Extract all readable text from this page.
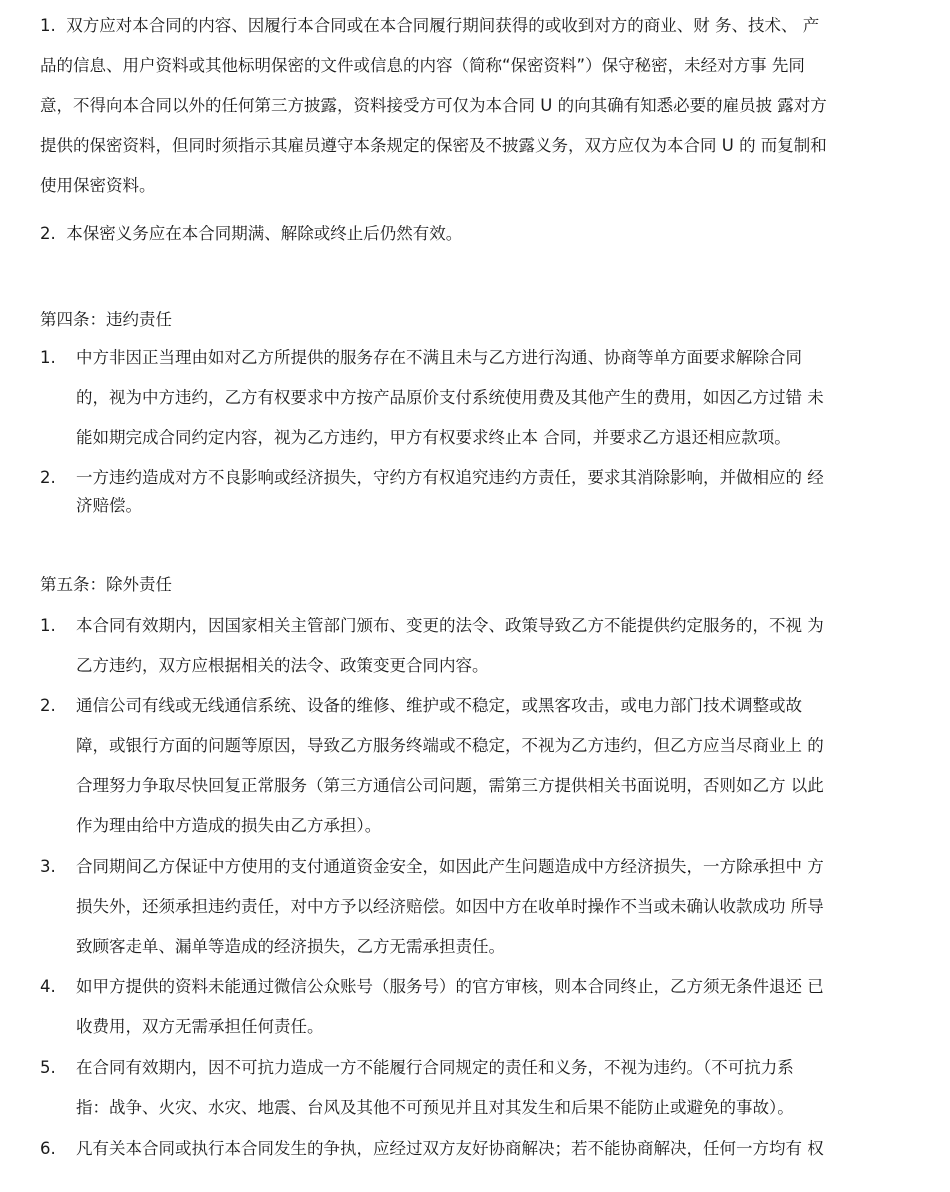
1. 双方应对本合同的内容、因履行本合同或在本合同履行期间获得的或收到对方的商业、财 务、技术、 产

品的信息、用户资料或其他标明保密的文件或信息的内容（简称“保密资料”）保守秘密，未经对方事 先同

意，不得向本合同以外的任何第三方披露，资料接受方可仅为本合同 U 的向其确有知悉必要的雇员披 露对方

提供的保密资料，但同时须指示其雇员遵守本条规定的保密及不披露义务，双方应仅为本合同 U 的 而复制和

使用保密资料。

2. 本保密义务应在本合同期满、解除或终止后仍然有效。

第四条：违约责任
1.	中方非因正当理由如对乙方所提供的服务存在不满且未与乙方进行沟通、协商等单方面要求解除合同
的，视为中方违约，乙方有权要求中方按产品原价支付系统使用费及其他产生的费用，如因乙方过错 未
能如期完成合同约定内容，视为乙方违约，甲方有权要求终止本 合同，并要求乙方退还相应款项。
2.	一方违约造成对方不良影响或经济损失，守约方有权追究违约方责任，要求其消除影响，并做相应的 经
济赔偿。
第五条：除外责任
1.	本合同有效期内，因国家相关主管部门颁布、变更的法令、政策导致乙方不能提供约定服务的，不视 为
乙方违约，双方应根据相关的法令、政策变更合同内容。
2.	通信公司有线或无线通信系统、设备的维修、维护或不稳定，或黑客攻击，或电力部门技术调整或故
障，或银行方面的问题等原因，导致乙方服务终端或不稳定，不视为乙方违约，但乙方应当尽商业上 的
合理努力争取尽快回复正常服务（第三方通信公司问题，需第三方提供相关书面说明，否则如乙方 以此
作为理由给中方造成的损失由乙方承担）。
3.	合同期间乙方保证中方使用的支付通道资金安全，如因此产生问题造成中方经济损失，一方除承担中 方
损失外，还须承担违约责任，对中方予以经济赔偿。如因中方在收单时操作不当或未确认收款成功 所导
致顾客走单、漏单等造成的经济损失，乙方无需承担责任。
4.	如甲方提供的资料未能通过微信公众账号（服务号）的官方审核，则本合同终止，乙方须无条件退还 已
收费用，双方无需承担任何责任。
5.	在合同有效期内，因不可抗力造成一方不能履行合同规定的责任和义务，不视为违约。（不可抗力系
指：战争、火灾、水灾、地震、台风及其他不可预见并且对其发生和后果不能防止或避免的事故）。
6.	凡有关本合同或执行本合同发生的争执，应经过双方友好协商解决；若不能协商解决，任何一方均有 权
